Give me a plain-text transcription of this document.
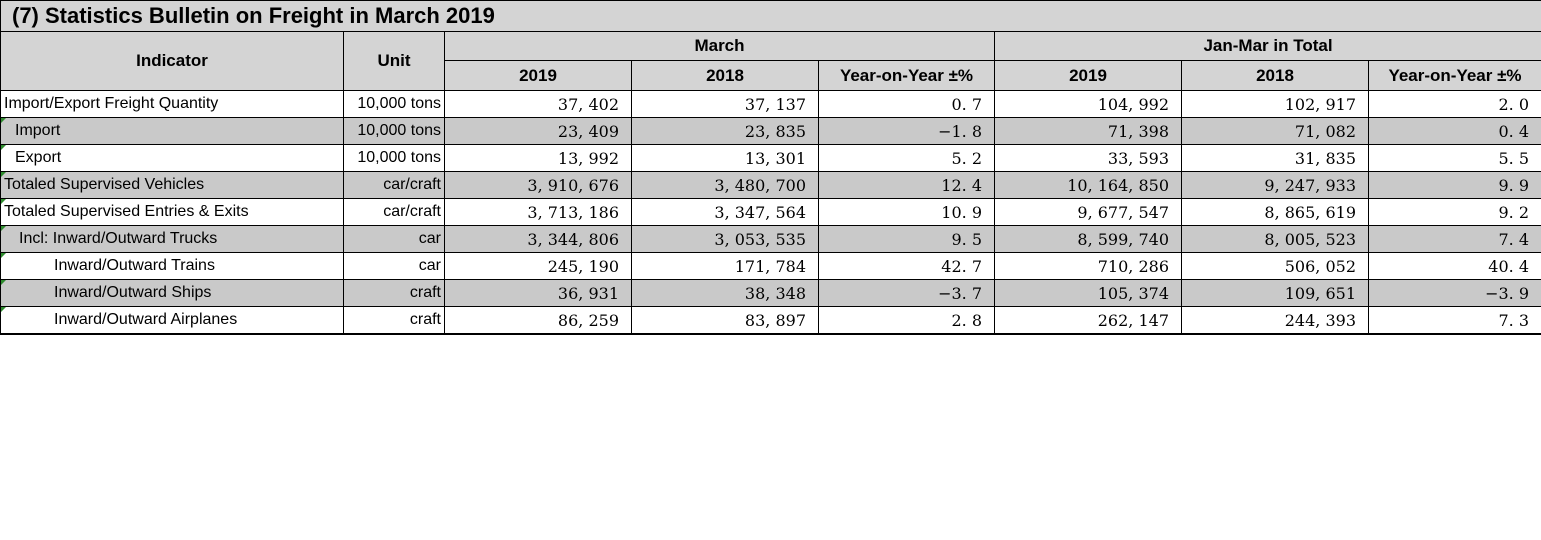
(7) Statistics Bulletin on Freight in March 2019							
Indicator	Unit	March			Jan-Mar in Total		
		2019	2018	Year-on-Year ±%	2019	2018	Year-on-Year ±%
Import/Export Freight Quantity	10,000 tons	37, 402	37, 137	0. 7	104, 992	102, 917	2. 0

Import	10,000 tons	23, 409	23, 835	−1. 8	71, 398	71, 082	0. 4

Export	10,000 tons	13, 992	13, 301	5. 2	33, 593	31, 835	5. 5

Totaled Supervised Vehicles	car/craft	3, 910, 676	3, 480, 700	12. 4	10, 164, 850	9, 247, 933	9. 9

Totaled Supervised Entries & Exits	car/craft	3, 713, 186	3, 347, 564	10. 9	9, 677, 547	8, 865, 619	9. 2

Incl: Inward/Outward Trucks	car	3, 344, 806	3, 053, 535	9. 5	8, 599, 740	8, 005, 523	7. 4

Inward/Outward Trains	car	245, 190	171, 784	42. 7	710, 286	506, 052	40. 4

Inward/Outward Ships	craft	36, 931	38, 348	−3. 7	105, 374	109, 651	−3. 9

Inward/Outward Airplanes	craft	86, 259	83, 897	2. 8	262, 147	244, 393	7. 3
